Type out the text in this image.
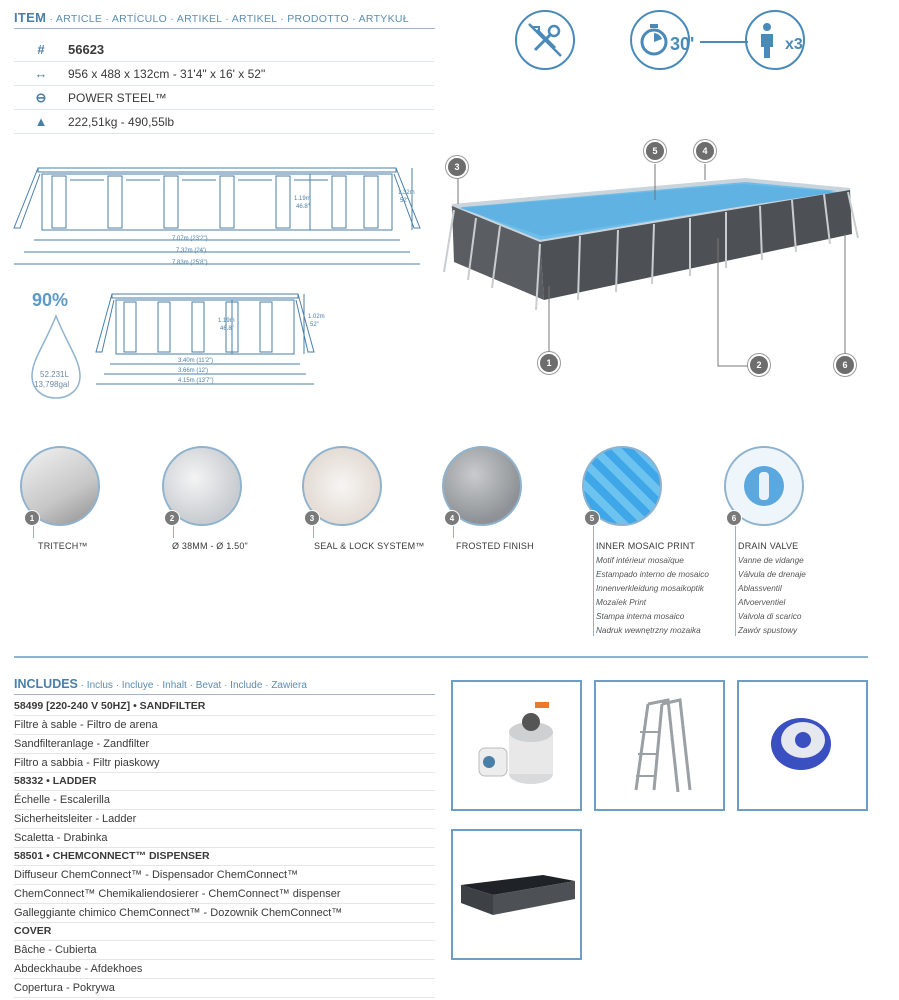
ITEM · ARTICLE · ARTÍCULO · ARTIKEL · ARTIKEL · PRODOTTO · ARTYKUŁ
#	56623
↔	956 x 488 x 132cm - 31'4" x 16' x 52"
⊖	POWER STEEL™
▲	222,51kg - 490,55lb
30'	x3
7.07m (23'2")
7.32m (24')
7.83m (25'8")
1.19m
46.8"
1.32m
52"
90%
52.231L
13,798gal
3.40m (11'2")
3.66m (12')
4.15m (13'7")
1.19m
46.8"
1.02m
52"
3
5	4
1	2	6
1	2	3	4	5	6
TRITECH™	Ø 38MM - Ø 1.50"	SEAL & LOCK SYSTEM™	FROSTED FINISH	INNER MOSAIC PRINT	DRAIN VALVE
Motif intérieur mosaïque
Estampado interno de mosaico
Innenverkleidung mosaikoptik
Mozaïek Print
Stampa interna mosaico
Nadruk wewnętrzny mozaika
Vanne de vidange
Válvula de drenaje
Ablassventil
Afvoerventiel
Valvola di scarico
Zawór spustowy
INCLUDES · Inclus · Incluye · Inhalt · Bevat · Include · Zawiera
58499 [220-240 V 50HZ] • SANDFILTER
Filtre à sable - Filtro de arena
Sandfilteranlage - Zandfilter
Filtro a sabbia - Filtr piaskowy
58332 • LADDER
Échelle - Escalerilla
Sicherheitsleiter - Ladder
Scaletta - Drabinka
58501 • CHEMCONNECT™ DISPENSER
Diffuseur ChemConnect™ - Dispensador ChemConnect™
ChemConnect™ Chemikaliendosierer - ChemConnect™ dispenser
Galleggiante chimico ChemConnect™ - Dozownik ChemConnect™
COVER
Bâche - Cubierta
Abdeckhaube - Afdekhoes
Copertura - Pokrywa
